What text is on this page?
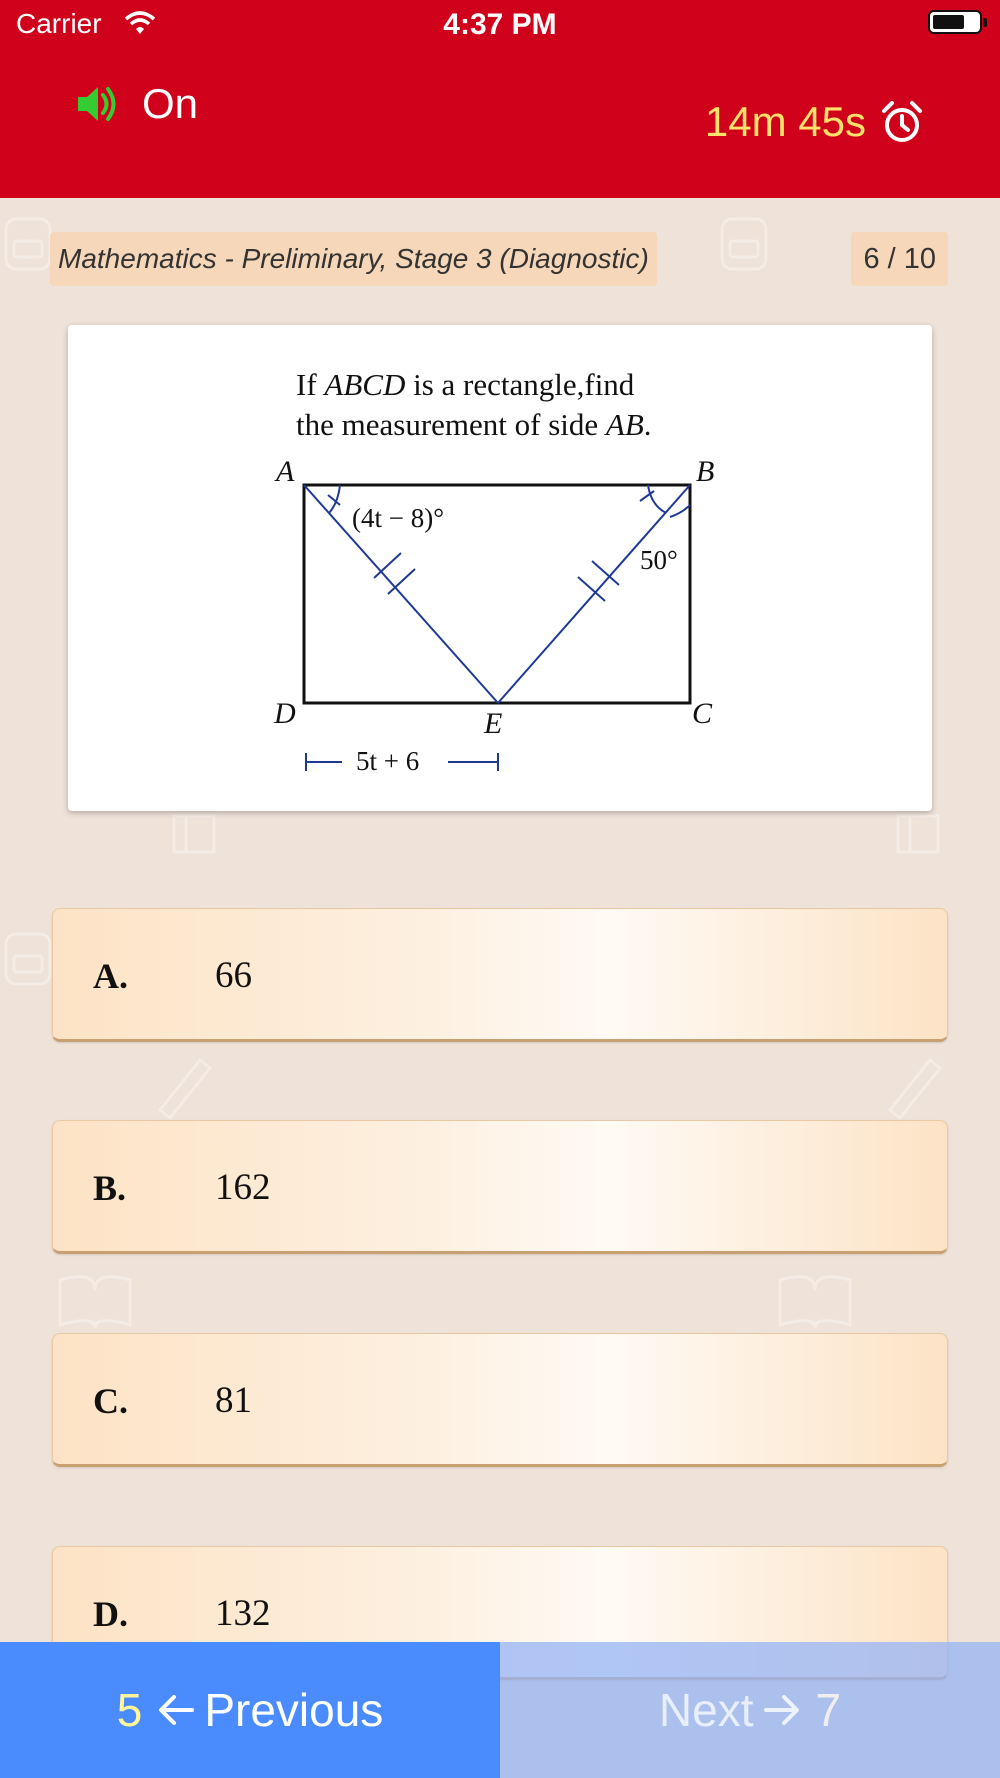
Carrier	4:37 PM
On	14m 45s
Mathematics - Preliminary, Stage 3 (Diagnostic)	6 / 10
If ABCD is a rectangle,find
the measurement of side AB.
A	B
C
D	E
(4t − 8)°
50°
5t + 6
A. 66
B. 162
C. 81
D. 132
5 Previous	Next 7
